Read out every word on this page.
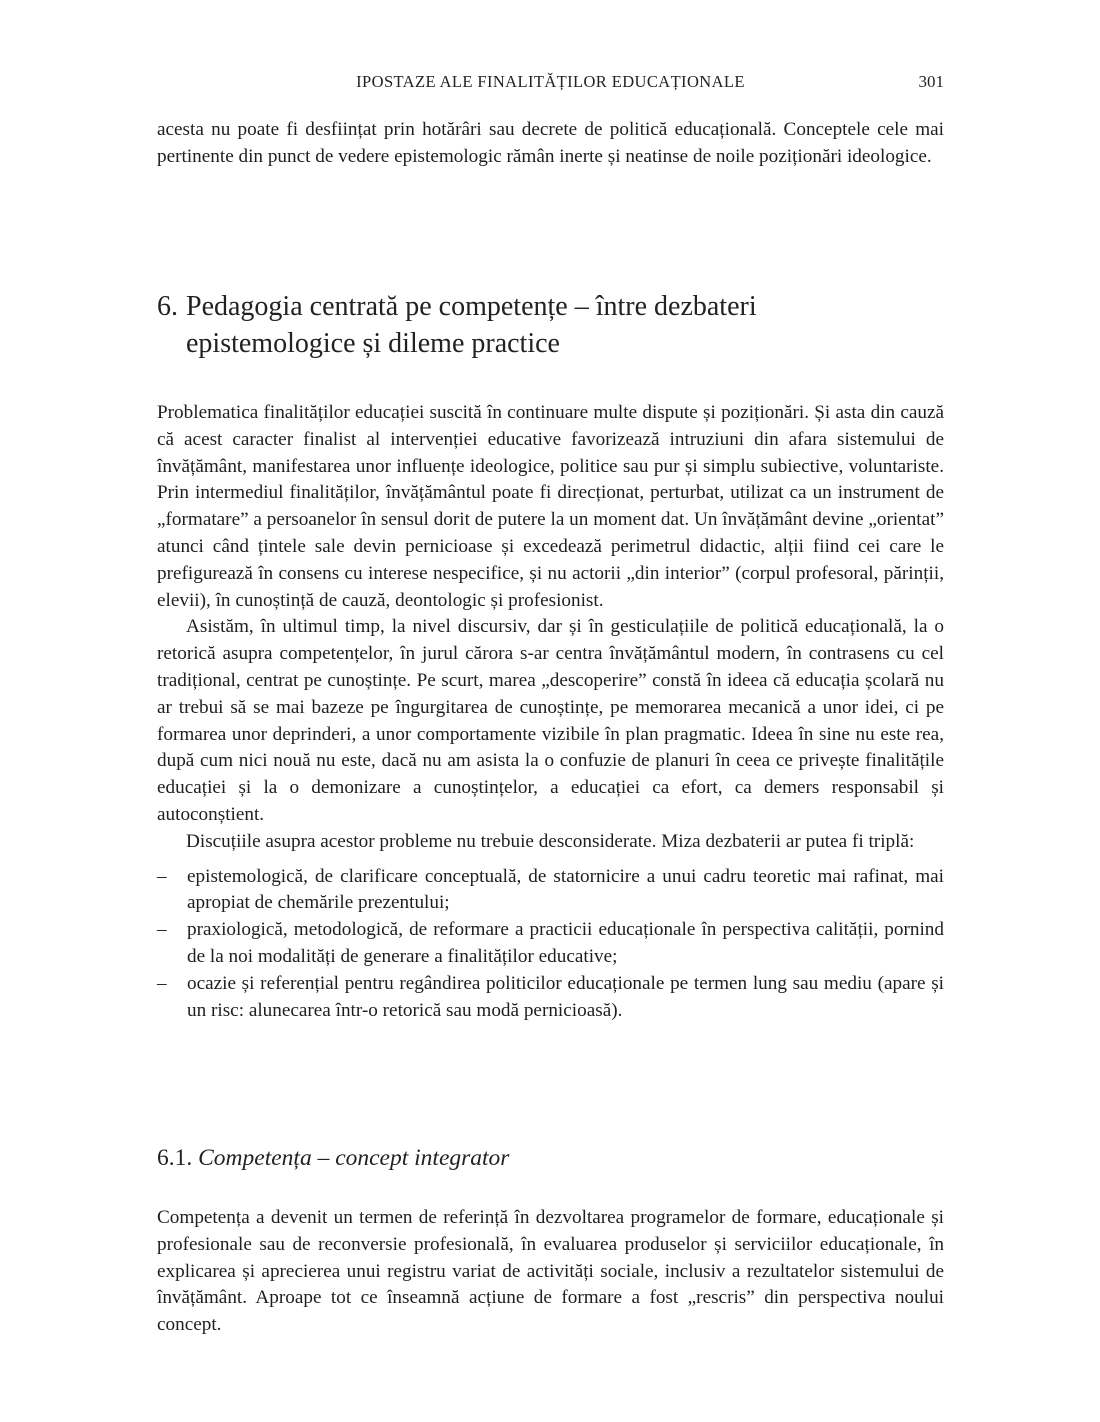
IPOSTAZE ALE FINALITĂȚILOR EDUCAȚIONALE	301

acesta nu poate fi desființat prin hotărâri sau decrete de politică educațională. Conceptele cele mai pertinente din punct de vedere epistemologic rămân inerte și neatinse de noile poziționări ideologice.

6. Pedagogia centrată pe competențe – între dezbateri
epistemologice și dileme practice

Problematica finalităților educației suscită în continuare multe dispute și poziționări. Și asta din cauză că acest caracter finalist al intervenției educative favorizează intruziuni din afara sistemului de învățământ, manifestarea unor influențe ideologice, politice sau pur și simplu subiective, voluntariste. Prin intermediul finalităților, învățământul poate fi direcționat, perturbat, utilizat ca un instrument de „formatare” a persoanelor în sensul dorit de putere la un moment dat. Un învățământ devine „orientat” atunci când țintele sale devin pernicioase și excedează perimetrul didactic, alții fiind cei care le prefigurează în consens cu interese nespecifice, și nu actorii „din interior” (corpul profesoral, părinții, elevii), în cunoștință de cauză, deontologic și profesionist.

Asistăm, în ultimul timp, la nivel discursiv, dar și în gesticulațiile de politică educațională, la o retorică asupra competențelor, în jurul cărora s-ar centra învățământul modern, în contrasens cu cel tradițional, centrat pe cunoștințe. Pe scurt, marea „descoperire” constă în ideea că educația școlară nu ar trebui să se mai bazeze pe îngurgitarea de cunoștințe, pe memorarea mecanică a unor idei, ci pe formarea unor deprinderi, a unor comportamente vizibile în plan pragmatic. Ideea în sine nu este rea, după cum nici nouă nu este, dacă nu am asista la o confuzie de planuri în ceea ce privește finalitățile educației și la o demonizare a cunoștințelor, a educației ca efort, ca demers responsabil și autoconștient.

Discuțiile asupra acestor probleme nu trebuie desconsiderate. Miza dezbaterii ar putea fi triplă:

– epistemologică, de clarificare conceptuală, de statornicire a unui cadru teoretic mai rafinat, mai apropiat de chemările prezentului;
– praxiologică, metodologică, de reformare a practicii educaționale în perspectiva calității, pornind de la noi modalități de generare a finalităților educative;
– ocazie și referențial pentru regândirea politicilor educaționale pe termen lung sau mediu (apare și un risc: alunecarea într-o retorică sau modă pernicioasă).
6.1. Competența – concept integrator

Competența a devenit un termen de referință în dezvoltarea programelor de formare, educaționale și profesionale sau de reconversie profesională, în evaluarea produselor și serviciilor educaționale, în explicarea și aprecierea unui registru variat de activități sociale, inclusiv a rezultatelor sistemului de învățământ. Aproape tot ce înseamnă acțiune de formare a fost „rescris” din perspectiva noului concept.
